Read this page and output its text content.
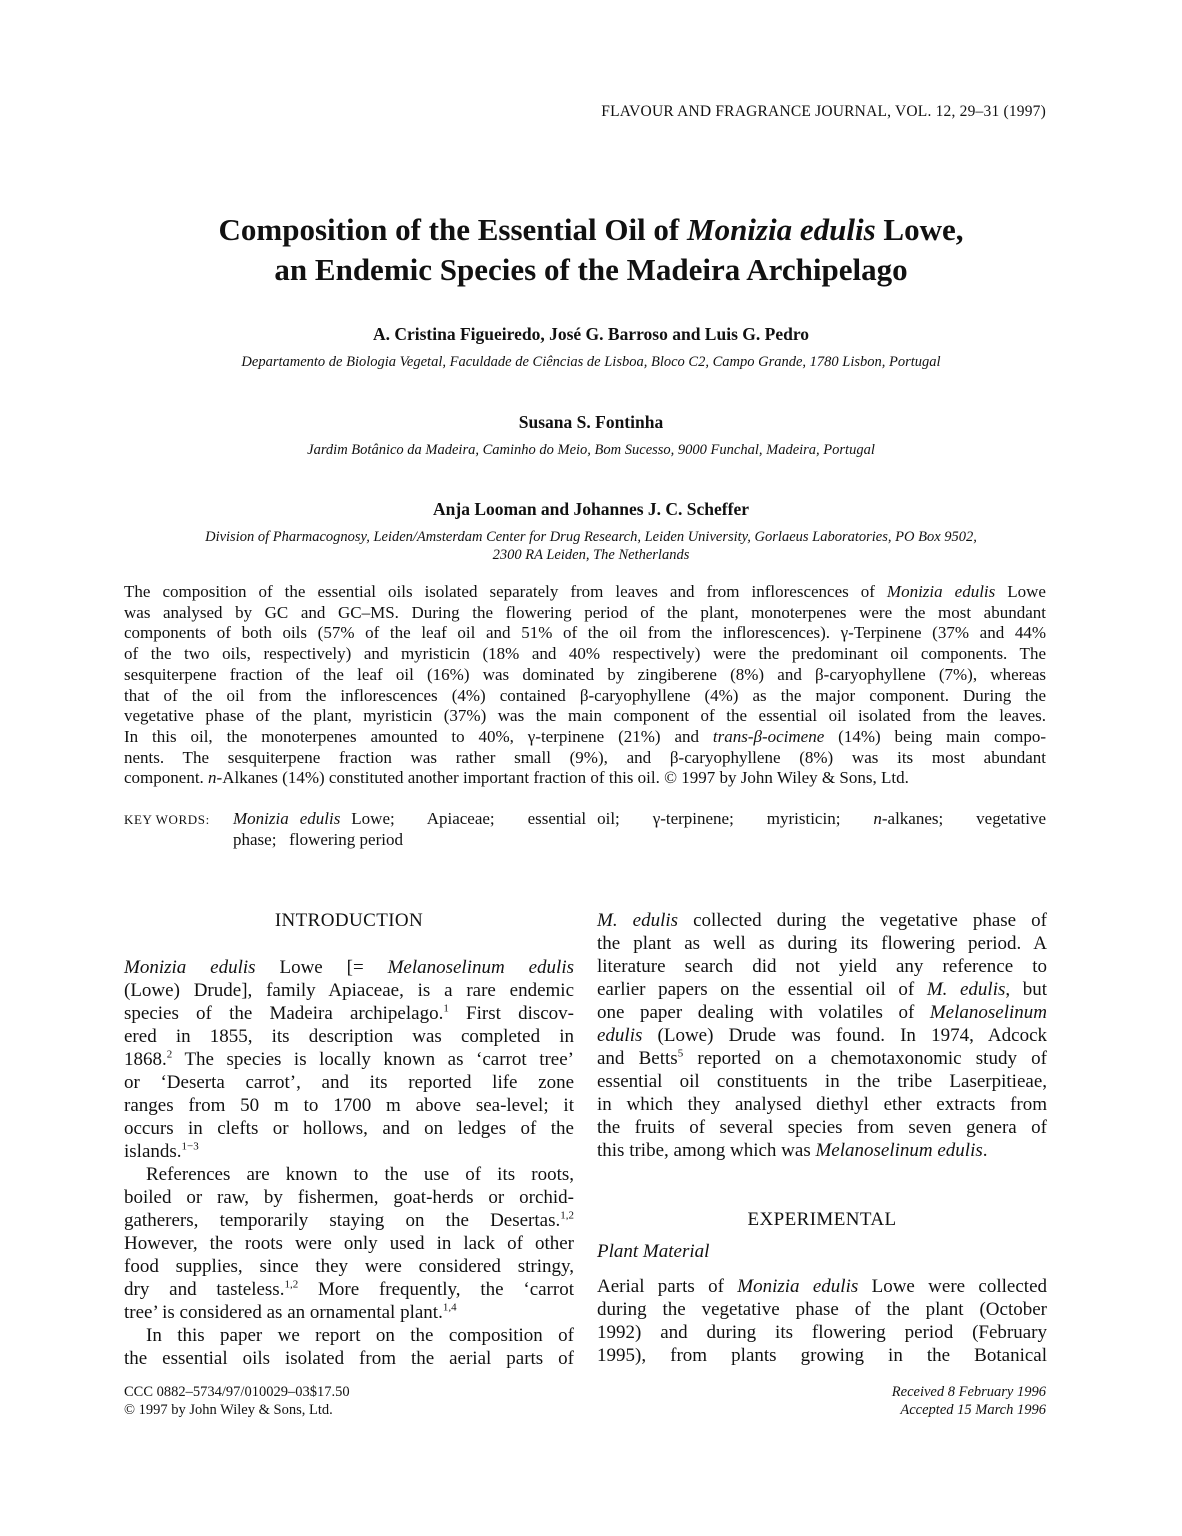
FLAVOUR AND FRAGRANCE JOURNAL, VOL. 12, 29–31 (1997)
Composition of the Essential Oil of Monizia edulis Lowe,
an Endemic Species of the Madeira Archipelago
A. Cristina Figueiredo, José G. Barroso and Luis G. Pedro
Departamento de Biologia Vegetal, Faculdade de Ciências de Lisboa, Bloco C2, Campo Grande, 1780 Lisbon, Portugal
Susana S. Fontinha
Jardim Botânico da Madeira, Caminho do Meio, Bom Sucesso, 9000 Funchal, Madeira, Portugal
Anja Looman and Johannes J. C. Scheffer
Division of Pharmacognosy, Leiden/Amsterdam Center for Drug Research, Leiden University, Gorlaeus Laboratories, PO Box 9502,
2300 RA Leiden, The Netherlands
The composition of the essential oils isolated separately from leaves and from inflorescences of Monizia edulis Lowe
was analysed by GC and GC–MS. During the flowering period of the plant, monoterpenes were the most abundant
components of both oils (57% of the leaf oil and 51% of the oil from the inflorescences). γ-Terpinene (37% and 44%
of the two oils, respectively) and myristicin (18% and 40% respectively) were the predominant oil components. The
sesquiterpene fraction of the leaf oil (16%) was dominated by zingiberene (8%) and β-caryophyllene (7%), whereas
that of the oil from the inflorescences (4%) contained β-caryophyllene (4%) as the major component. During the
vegetative phase of the plant, myristicin (37%) was the main component of the essential oil isolated from the leaves.
In this oil, the monoterpenes amounted to 40%, γ-terpinene (21%) and trans-β-ocimene (14%) being main compo-
nents. The sesquiterpene fraction was rather small (9%), and β-caryophyllene (8%) was its most abundant
component. n-Alkanes (14%) constituted another important fraction of this oil. © 1997 by John Wiley & Sons, Ltd.
KEY WORDS: Monizia edulis Lowe;   Apiaceae;   essential oil;   γ-terpinene;   myristicin;   n-alkanes;   vegetative
phase;   flowering period
INTRODUCTION
Monizia edulis Lowe [= Melanoselinum edulis
(Lowe) Drude], family Apiaceae, is a rare endemic
species of the Madeira archipelago.$^1$ First discov-
ered in 1855, its description was completed in
1868.$^2$ The species is locally known as ‘carrot tree’
or ‘Deserta carrot’, and its reported life zone
ranges from 50 m to 1700 m above sea-level; it
occurs in clefts or hollows, and on ledges of the
islands.$^{1-3}$
References are known to the use of its roots,
boiled or raw, by fishermen, goat-herds or orchid-
gatherers, temporarily staying on the Desertas.$^{1,2}$
However, the roots were only used in lack of other
food supplies, since they were considered stringy,
dry and tasteless.$^{1,2}$ More frequently, the ‘carrot
tree’ is considered as an ornamental plant.$^{1,4}$
In this paper we report on the composition of
the essential oils isolated from the aerial parts of
M. edulis collected during the vegetative phase of
the plant as well as during its flowering period. A
literature search did not yield any reference to
earlier papers on the essential oil of M. edulis, but
one paper dealing with volatiles of Melanoselinum
edulis (Lowe) Drude was found. In 1974, Adcock
and Betts$^5$ reported on a chemotaxonomic study of
essential oil constituents in the tribe Laserpitieae,
in which they analysed diethyl ether extracts from
the fruits of several species from seven genera of
this tribe, among which was Melanoselinum edulis.
EXPERIMENTAL
Plant Material
Aerial parts of Monizia edulis Lowe were collected
during the vegetative phase of the plant (October
1992) and during its flowering period (February
1995), from plants growing in the Botanical
CCC 0882–5734/97/010029–03$17.50
© 1997 by John Wiley & Sons, Ltd.
Received 8 February 1996
Accepted 15 March 1996
